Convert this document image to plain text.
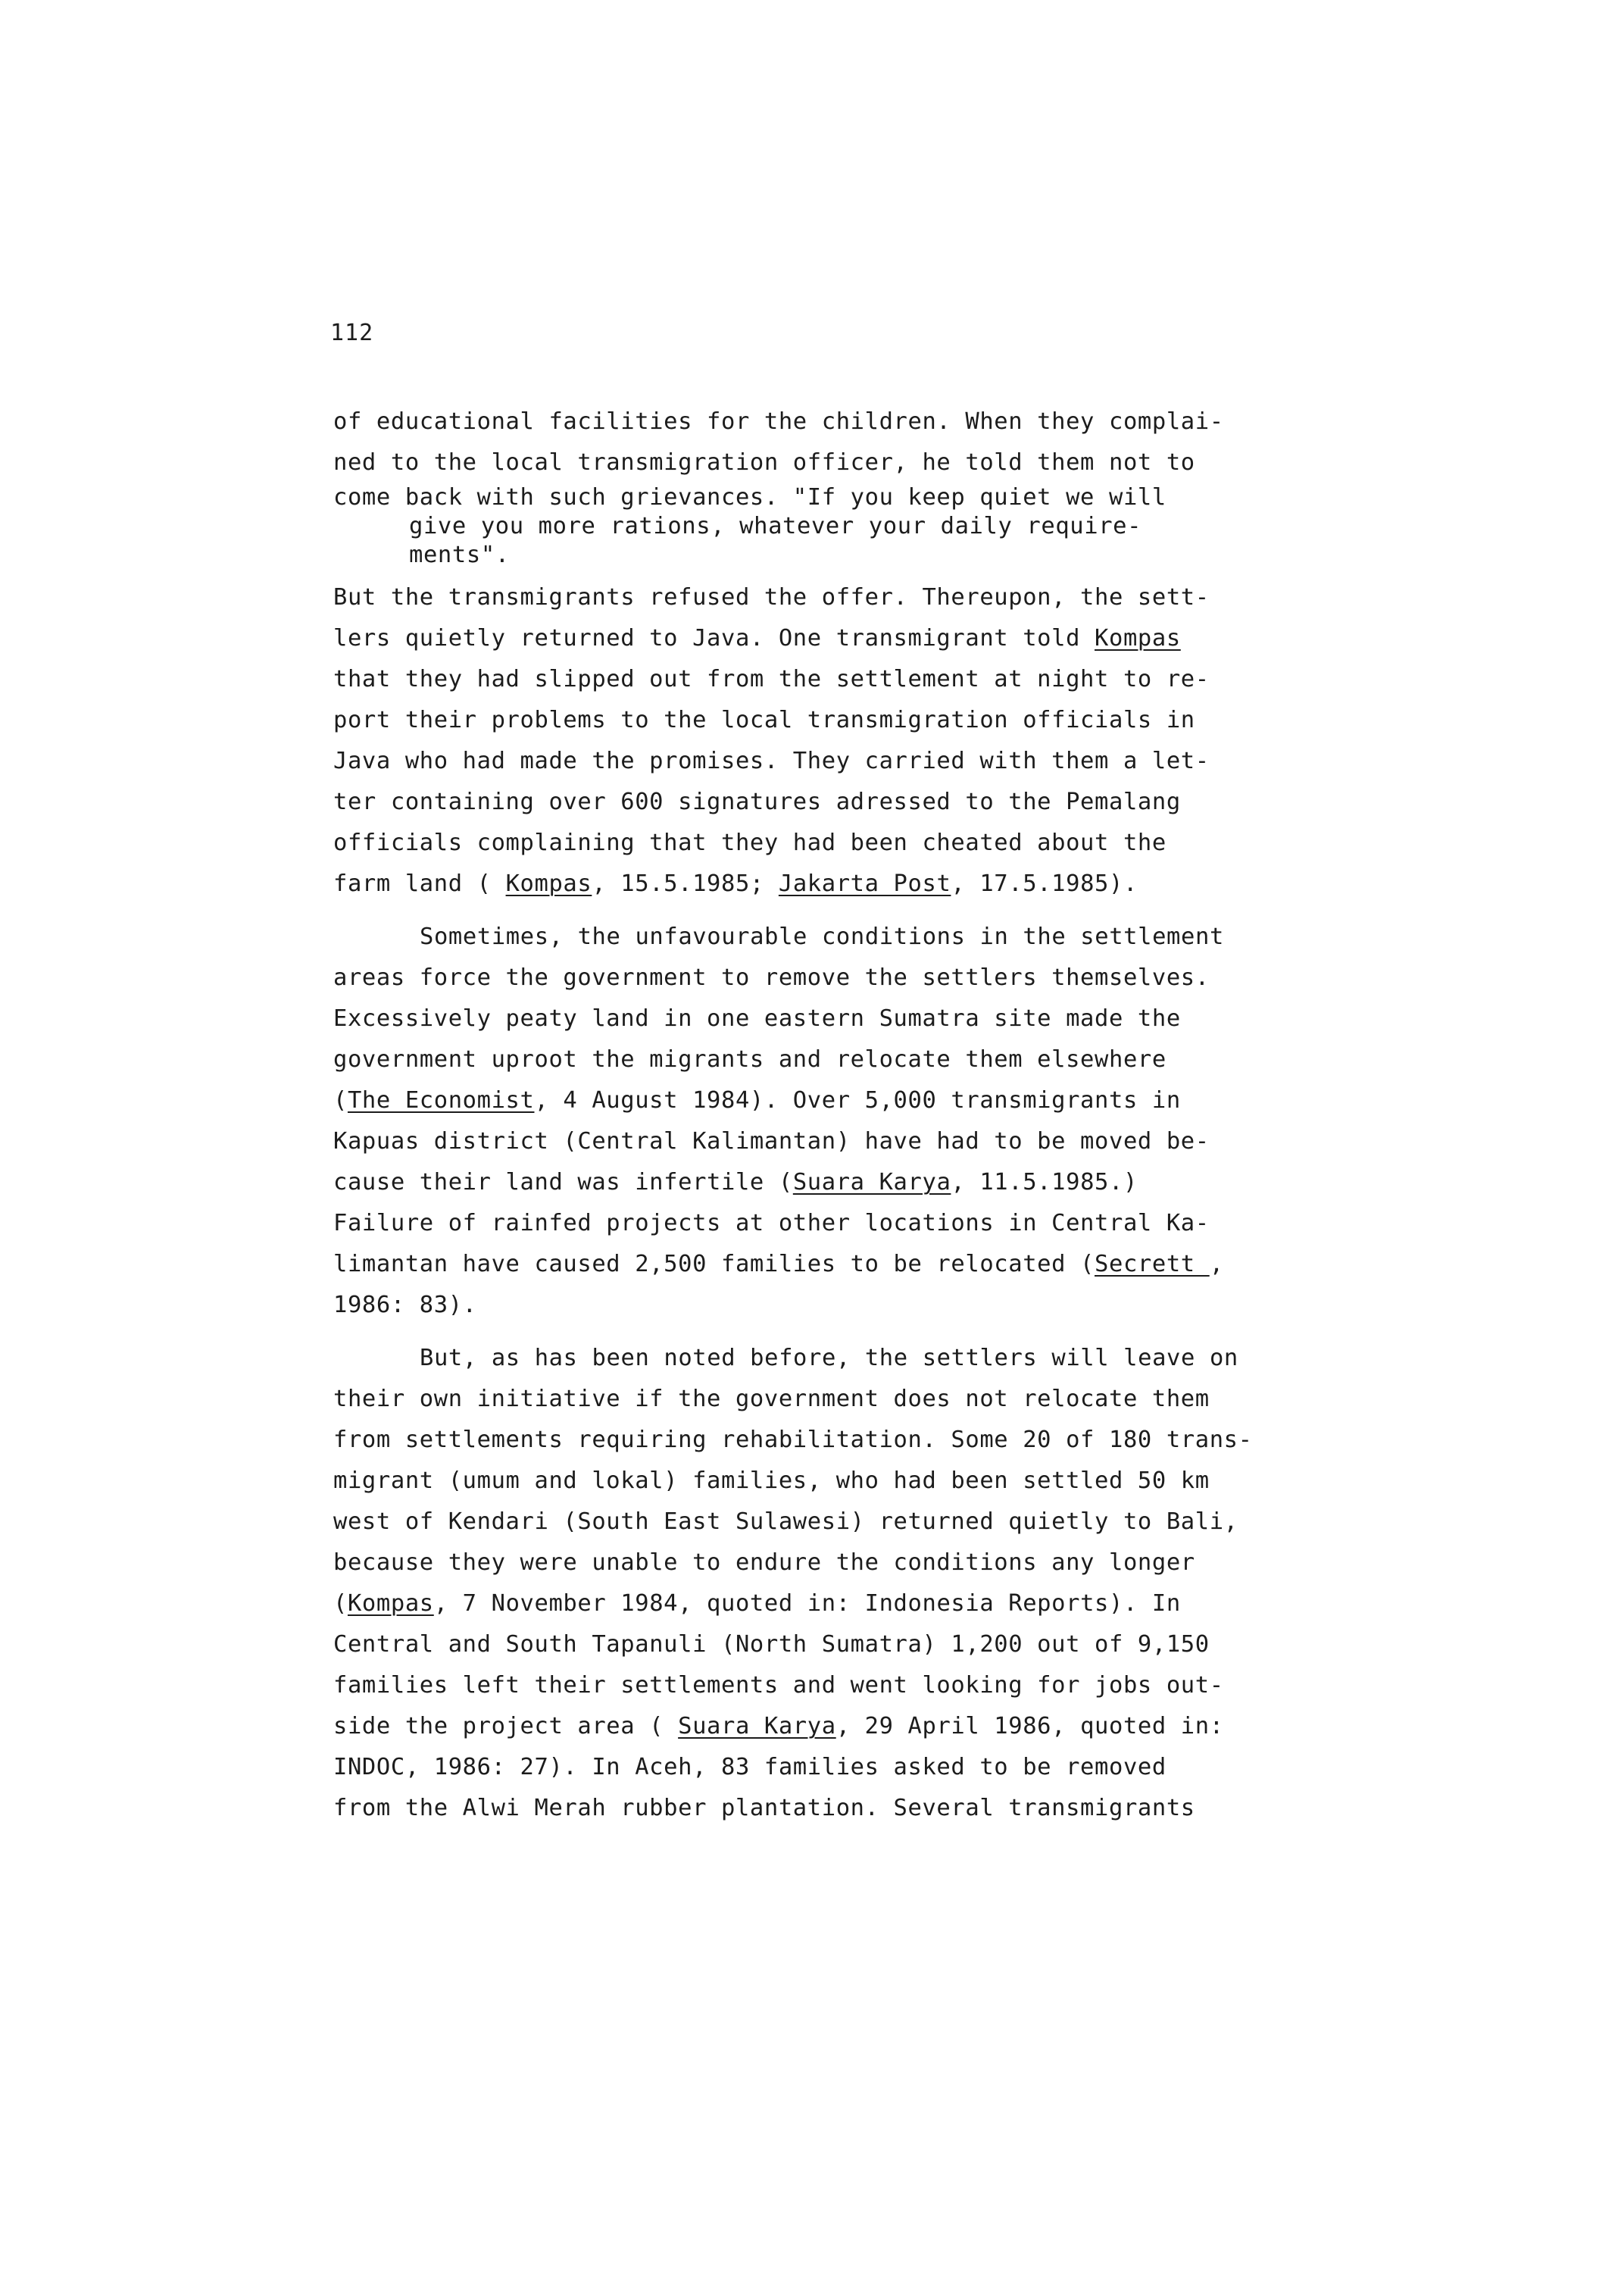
112
of educational facilities for the children. When they complai-
ned to the local transmigration officer, he told them not to
come back with such grievances. "If you keep quiet we will
give you more rations, whatever your daily require-
ments".
But the transmigrants refused the offer. Thereupon, the sett-
lers quietly returned to Java. One transmigrant told Kompas
that they had slipped out from the settlement at night to re-
port their problems to the local transmigration officials in
Java who had made the promises. They carried with them a let-
ter containing over 600 signatures adressed to the Pemalang
officials complaining that they had been cheated about the
farm land ( Kompas, 15.5.1985; Jakarta Post, 17.5.1985).
Sometimes, the unfavourable conditions in the settlement
areas force the government to remove the settlers themselves.
Excessively peaty land in one eastern Sumatra site made the
government uproot the migrants and relocate them elsewhere
(The Economist, 4 August 1984). Over 5,000 transmigrants in
Kapuas district (Central Kalimantan) have had to be moved be-
cause their land was infertile (Suara Karya, 11.5.1985.)
Failure of rainfed projects at other locations in Central Ka-
limantan have caused 2,500 families to be relocated (Secrett ,
1986: 83).
But, as has been noted before, the settlers will leave on
their own initiative if the government does not relocate them
from settlements requiring rehabilitation. Some 20 of 180 trans-
migrant (umum and lokal) families, who had been settled 50 km
west of Kendari (South East Sulawesi) returned quietly to Bali,
because they were unable to endure the conditions any longer
(Kompas, 7 November 1984, quoted in: Indonesia Reports). In
Central and South Tapanuli (North Sumatra) 1,200 out of 9,150
families left their settlements and went looking for jobs out-
side the project area ( Suara Karya, 29 April 1986, quoted in:
INDOC, 1986: 27). In Aceh, 83 families asked to be removed
from the Alwi Merah rubber plantation. Several transmigrants
